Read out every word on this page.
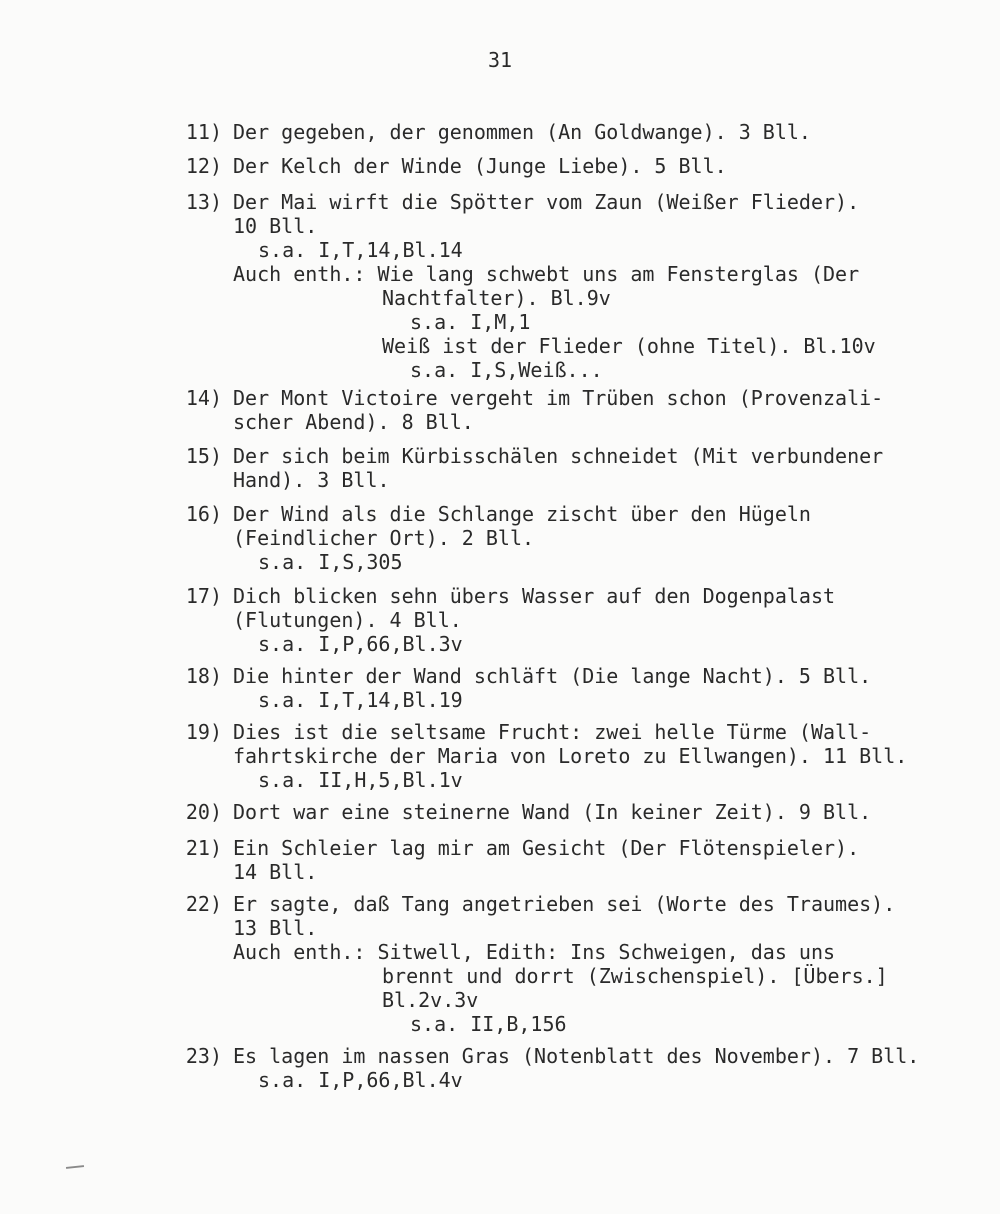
31
11) Der gegeben, der genommen (An Goldwange). 3 Bll.
12) Der Kelch der Winde (Junge Liebe). 5 Bll.
13) Der Mai wirft die Spötter vom Zaun (Weißer Flieder).
10 Bll.
s.a. I,T,14,Bl.14
Auch enth.: Wie lang schwebt uns am Fensterglas (Der
Nachtfalter). Bl.9v
s.a. I,M,1
Weiß ist der Flieder (ohne Titel). Bl.10v
s.a. I,S,Weiß...
14) Der Mont Victoire vergeht im Trüben schon (Provenzali-
scher Abend). 8 Bll.
15) Der sich beim Kürbisschälen schneidet (Mit verbundener
Hand). 3 Bll.
16) Der Wind als die Schlange zischt über den Hügeln
(Feindlicher Ort). 2 Bll.
s.a. I,S,305
17) Dich blicken sehn übers Wasser auf den Dogenpalast
(Flutungen). 4 Bll.
s.a. I,P,66,Bl.3v
18) Die hinter der Wand schläft (Die lange Nacht). 5 Bll.
s.a. I,T,14,Bl.19
19) Dies ist die seltsame Frucht: zwei helle Türme (Wall-
fahrtskirche der Maria von Loreto zu Ellwangen). 11 Bll.
s.a. II,H,5,Bl.1v
20) Dort war eine steinerne Wand (In keiner Zeit). 9 Bll.
21) Ein Schleier lag mir am Gesicht (Der Flötenspieler).
14 Bll.
22) Er sagte, daß Tang angetrieben sei (Worte des Traumes).
13 Bll.
Auch enth.: Sitwell, Edith: Ins Schweigen, das uns
brennt und dorrt (Zwischenspiel). [Übers.]
Bl.2v.3v
s.a. II,B,156
23) Es lagen im nassen Gras (Notenblatt des November). 7 Bll.
s.a. I,P,66,Bl.4v
